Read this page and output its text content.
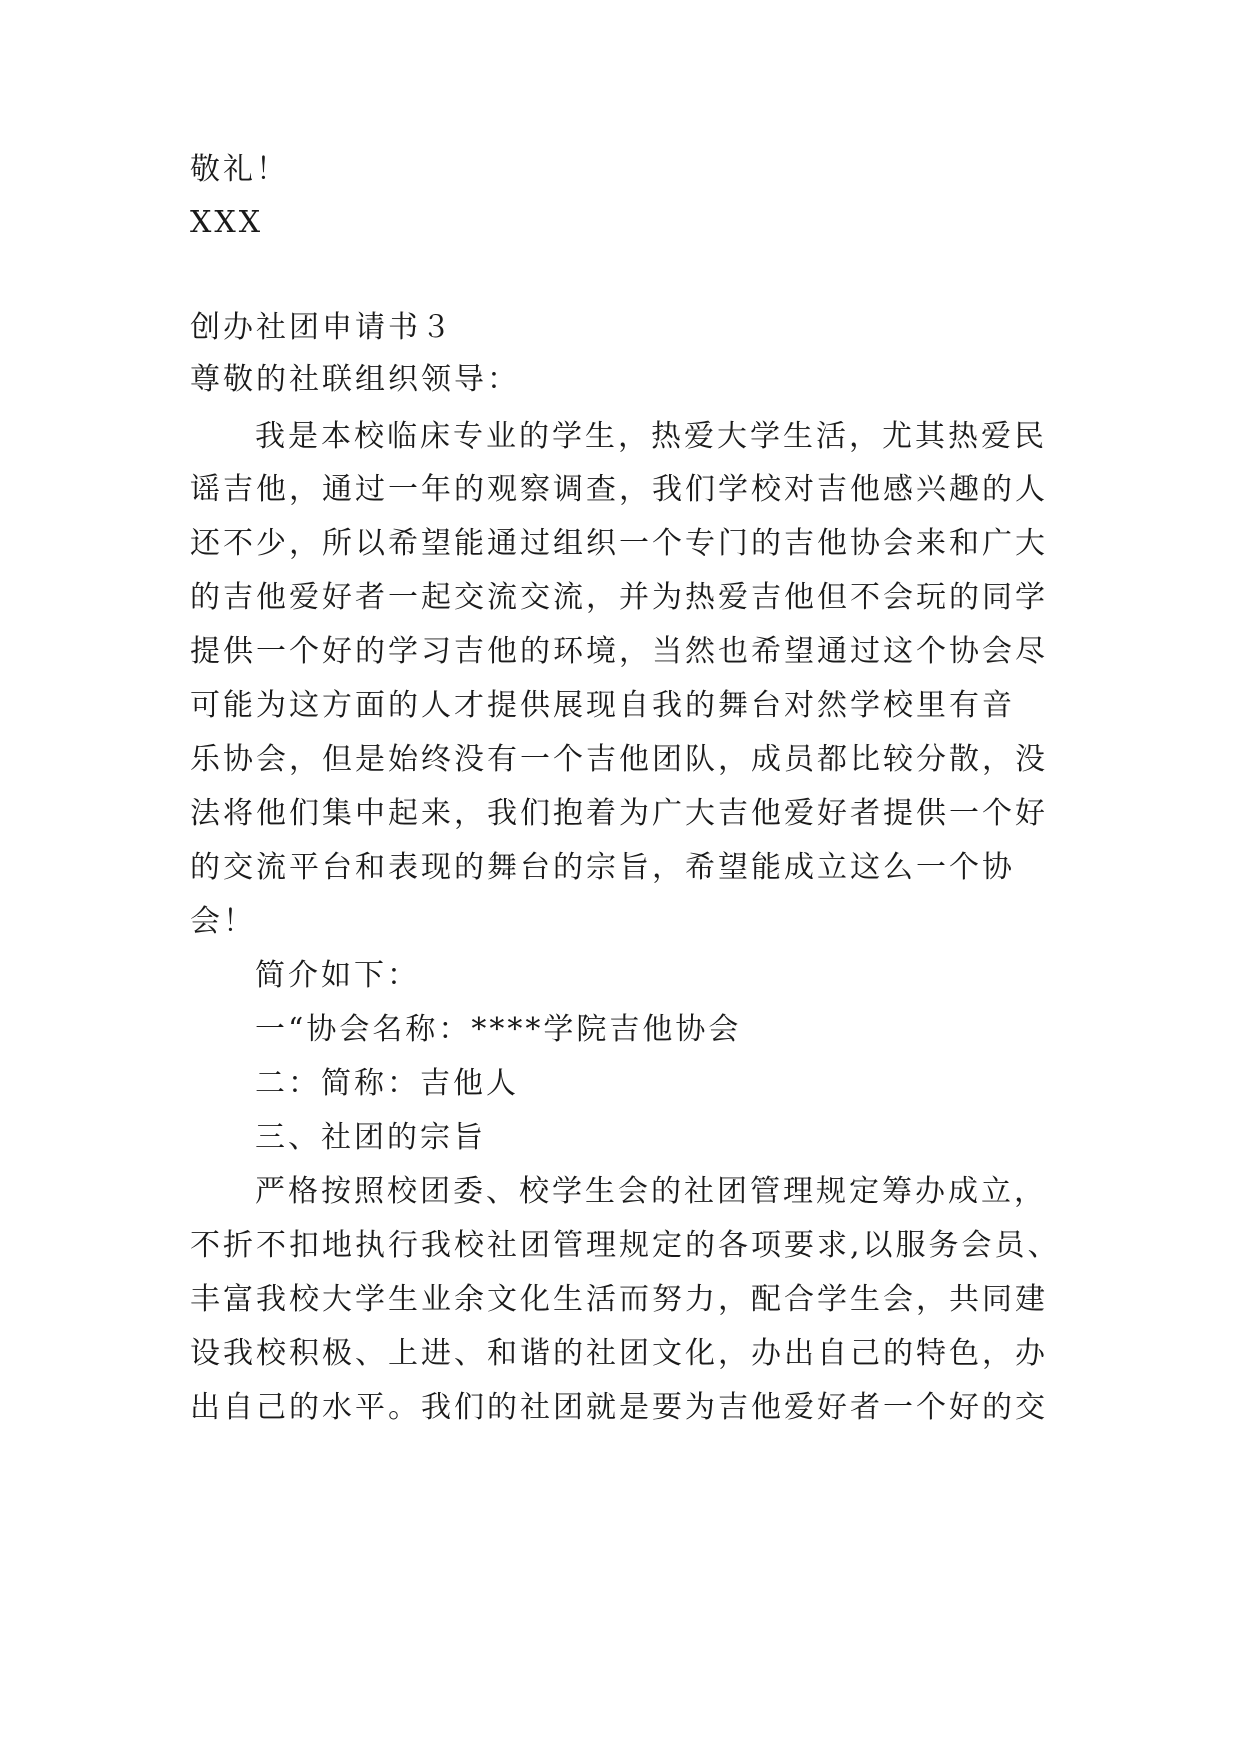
敬礼！
XXX
创办社团申请书３
尊敬的社联组织领导：
我是本校临床专业的学生，热爱大学生活，尤其热爱民
谣吉他，通过一年的观察调查，我们学校对吉他感兴趣的人
还不少，所以希望能通过组织一个专门的吉他协会来和广大
的吉他爱好者一起交流交流，并为热爱吉他但不会玩的同学
提供一个好的学习吉他的环境，当然也希望通过这个协会尽
可能为这方面的人才提供展现自我的舞台对然学校里有音
乐协会，但是始终没有一个吉他团队，成员都比较分散，没
法将他们集中起来，我们抱着为广大吉他爱好者提供一个好
的交流平台和表现的舞台的宗旨，希望能成立这么一个协
会！
简介如下：
一“协会名称：****学院吉他协会
二：简称：吉他人
三、社团的宗旨
严格按照校团委、校学生会的社团管理规定筹办成立，
不折不扣地执行我校社团管理规定的各项要求,以服务会员、
丰富我校大学生业余文化生活而努力，配合学生会，共同建
设我校积极、上进、和谐的社团文化，办出自己的特色，办
出自己的水平。我们的社团就是要为吉他爱好者一个好的交
